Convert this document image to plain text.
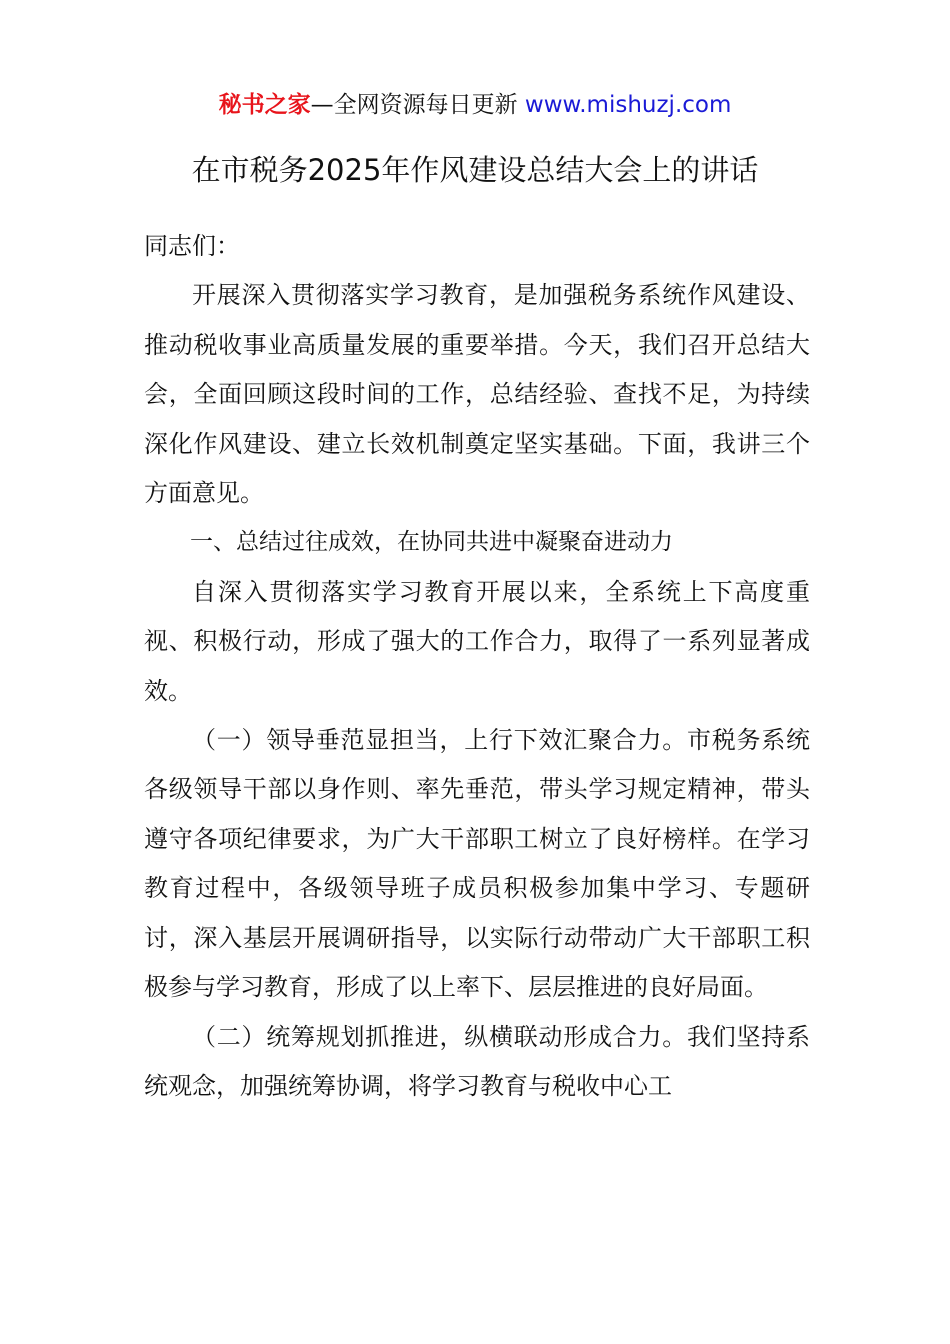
秘书之家—全网资源每日更新 www.mishuzj.com
在市税务2025年作风建设总结大会上的讲话

同志们：

开展深入贯彻落实学习教育，是加强税务系统作风建设、推动税收事业高质量发展的重要举措。今天，我们召开总结大会，全面回顾这段时间的工作，总结经验、查找不足，为持续深化作风建设、建立长效机制奠定坚实基础。下面，我讲三个方面意见。

一、总结过往成效，在协同共进中凝聚奋进动力

自深入贯彻落实学习教育开展以来，全系统上下高度重视、积极行动，形成了强大的工作合力，取得了一系列显著成效。

（一）领导垂范显担当，上行下效汇聚合力。市税务系统各级领导干部以身作则、率先垂范，带头学习规定精神，带头遵守各项纪律要求，为广大干部职工树立了良好榜样。在学习教育过程中，各级领导班子成员积极参加集中学习、专题研讨，深入基层开展调研指导，以实际行动带动广大干部职工积极参与学习教育，形成了以上率下、层层推进的良好局面。

（二）统筹规划抓推进，纵横联动形成合力。我们坚持系统观念，加强统筹协调，将学习教育与税收中心工
